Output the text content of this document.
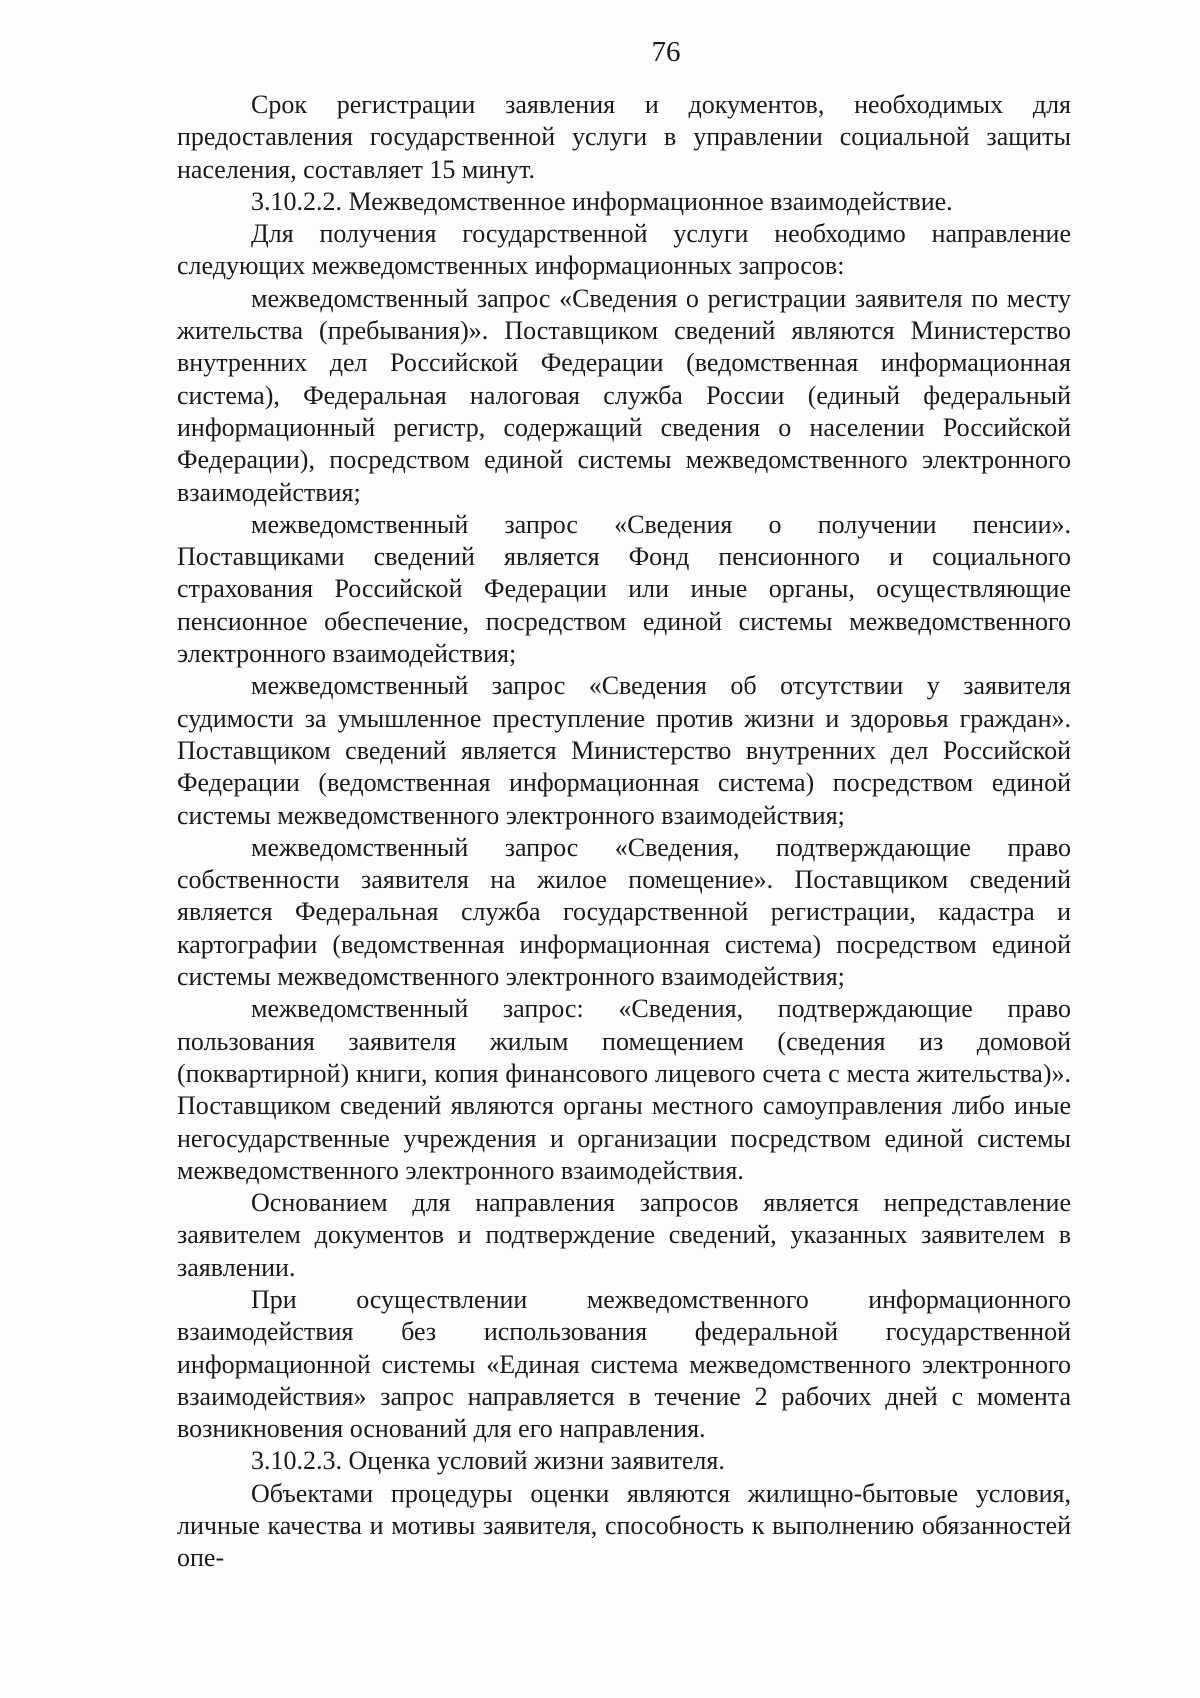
76

Срок регистрации заявления и документов, необходимых для предоставления государственной услуги в управлении социальной защиты населения, составляет 15 минут.

3.10.2.2. Межведомственное информационное взаимодействие.

Для получения государственной услуги необходимо направление следующих межведомственных информационных запросов:

межведомственный запрос «Сведения о регистрации заявителя по месту жительства (пребывания)». Поставщиком сведений являются Министерство внутренних дел Российской Федерации (ведомственная информационная система), Федеральная налоговая служба России (единый федеральный информационный регистр, содержащий сведения о населении Российской Федерации), посредством единой системы межведомственного электронного взаимодействия;

межведомственный запрос «Сведения о получении пенсии». Поставщиками сведений является Фонд пенсионного и социального страхования Российской Федерации или иные органы, осуществляющие пенсионное обеспечение, посредством единой системы межведомственного электронного взаимодействия;

межведомственный запрос «Сведения об отсутствии у заявителя судимости за умышленное преступление против жизни и здоровья граждан». Поставщиком сведений является Министерство внутренних дел Российской Федерации (ведомственная информационная система) посредством единой системы межведомственного электронного взаимодействия;

межведомственный запрос «Сведения, подтверждающие право собственности заявителя на жилое помещение». Поставщиком сведений является Федеральная служба государственной регистрации, кадастра и картографии (ведомственная информационная система) посредством единой системы межведомственного электронного взаимодействия;

межведомственный запрос: «Сведения, подтверждающие право пользования заявителя жилым помещением (сведения из домовой (поквартирной) книги, копия финансового лицевого счета с места жительства)». Поставщиком сведений являются органы местного самоуправления либо иные негосударственные учреждения и организации посредством единой системы межведомственного электронного взаимодействия.

Основанием для направления запросов является непредставление заявителем документов и подтверждение сведений, указанных заявителем в заявлении.

При осуществлении межведомственного информационного взаимодействия без использования федеральной государственной информационной системы «Единая система межведомственного электронного взаимодействия» запрос направляется в течение 2 рабочих дней с момента возникновения оснований для его направления.

3.10.2.3. Оценка условий жизни заявителя.

Объектами процедуры оценки являются жилищно-бытовые условия, личные качества и мотивы заявителя, способность к выполнению обязанностей опе-
